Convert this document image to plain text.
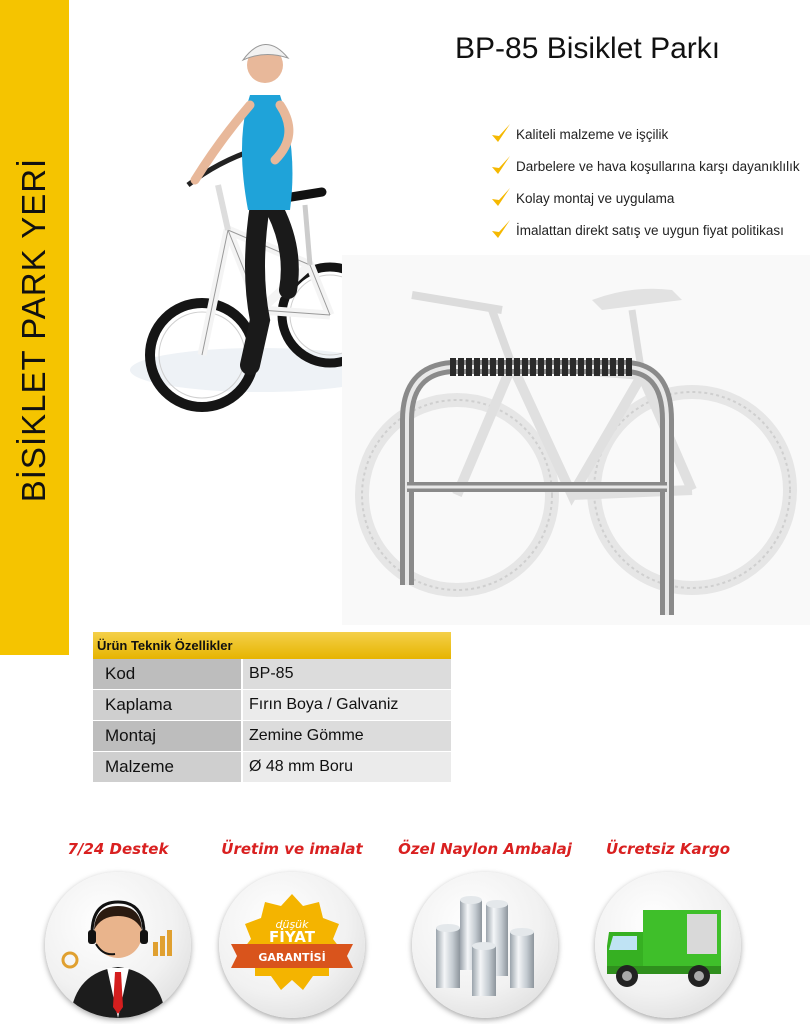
BİSİKLET PARK YERİ
BP-85 Bisiklet Parkı
Kaliteli malzeme ve işçilik
Darbelere ve hava koşullarına karşı dayanıklılık
Kolay montaj ve uygulama
İmalattan direkt satış ve uygun fiyat politikası
Ürün Teknik Özellikler
Kod	BP-85
Kaplama	Fırın Boya / Galvaniz
Montaj	Zemine Gömme
Malzeme	Ø 48 mm Boru
7/24 Destek	Üretim ve imalat
düşük
FİYAT
GARANTİSİ
Özel Naylon Ambalaj	Ücretsiz Kargo
